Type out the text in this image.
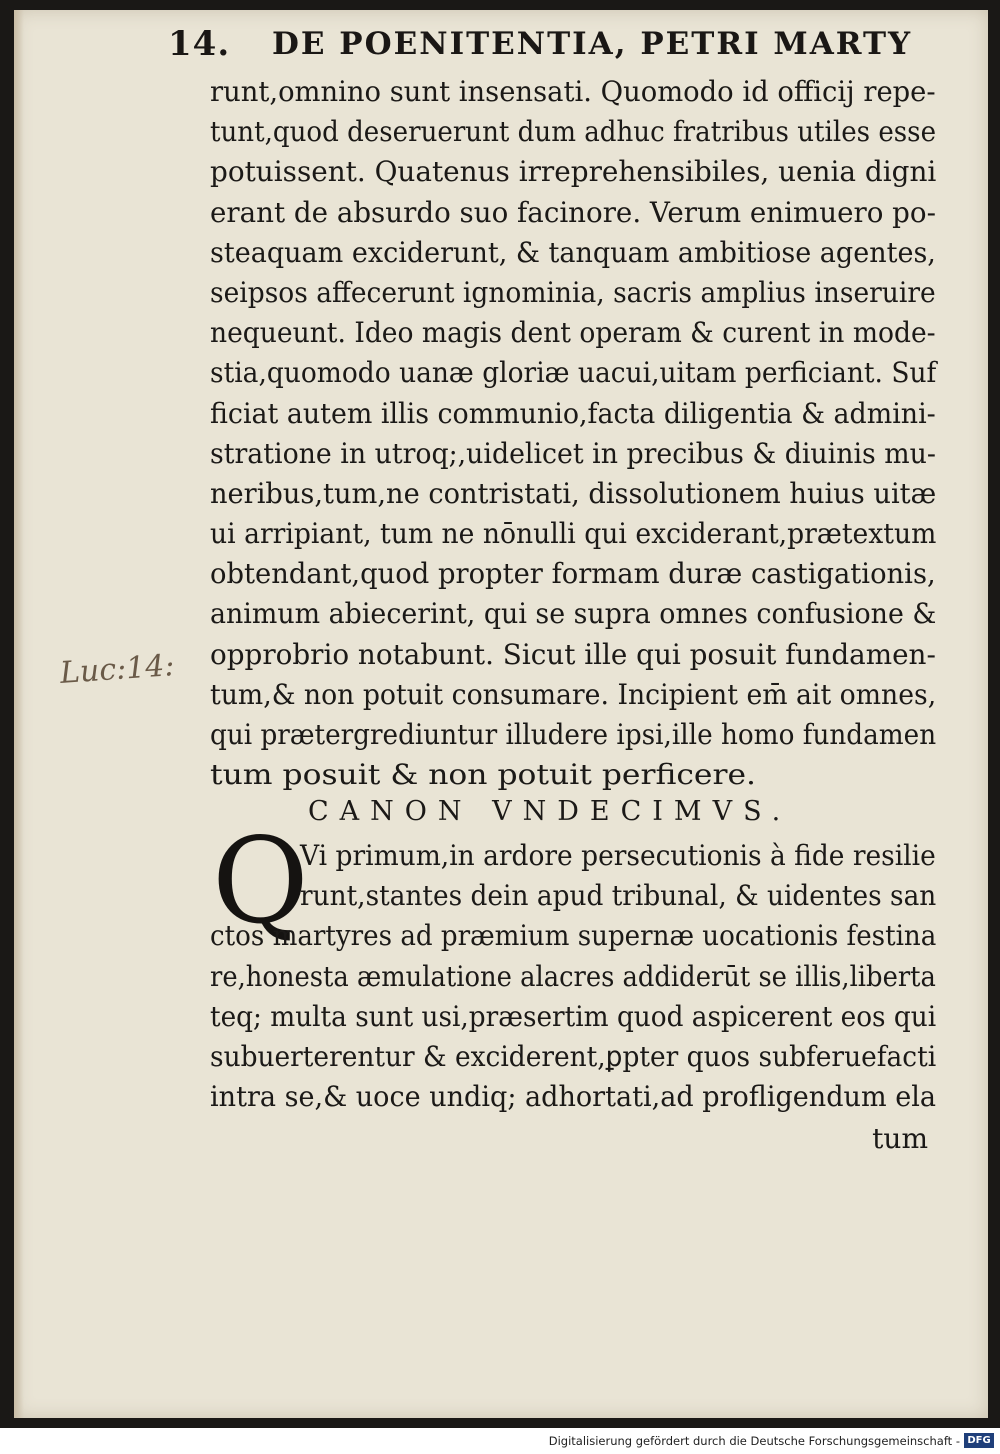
14. DE POENITENTIA, PETRI MARTY
runt,omnino sunt insensati. Quomodo id officij repe-
tunt,quod deseruerunt dum adhuc fratribus utiles esse
potuissent. Quatenus irreprehensibiles, uenia digni
erant de absurdo suo facinore. Verum enimuero po-
steaquam exciderunt, & tanquam ambitiose agentes,
seipsos affecerunt ignominia, sacris amplius inseruire
nequeunt. Ideo magis dent operam & curent in mode-
stia,quomodo uanæ gloriæ uacui,uitam perficiant. Suf
ficiat autem illis communio,facta diligentia & admini-
stratione in utroq;,uidelicet in precibus & diuinis mu-
neribus,tum,ne contristati, dissolutionem huius uitæ
ui arripiant, tum ne nōnulli qui exciderant,prætextum
obtendant,quod propter formam duræ castigationis,
animum abiecerint, qui se supra omnes confusione &
opprobrio notabunt. Sicut ille qui posuit fundamen-
tum,& non potuit consumare. Incipient em̄ ait omnes,
qui prætergrediuntur illudere ipsi,ille homo fundamen
tum posuit & non potuit perficere.
Luc:14:
CANON VNDECIMVS.
Q
Vi primum,in ardore persecutionis à fide resilie
runt,stantes dein apud tribunal, & uidentes san
ctos martyres ad præmium supernæ uocationis festina
re,honesta æmulatione alacres addiderūt se illis,liberta
teq; multa sunt usi,præsertim quod aspicerent eos qui
subuerterentur & exciderent,ꝑpter quos subferuefacti
intra se,& uoce undiq; adhortati,ad profligendum ela
tum
Digitalisierung gefördert durch die Deutsche Forschungsgemeinschaft - DFG
